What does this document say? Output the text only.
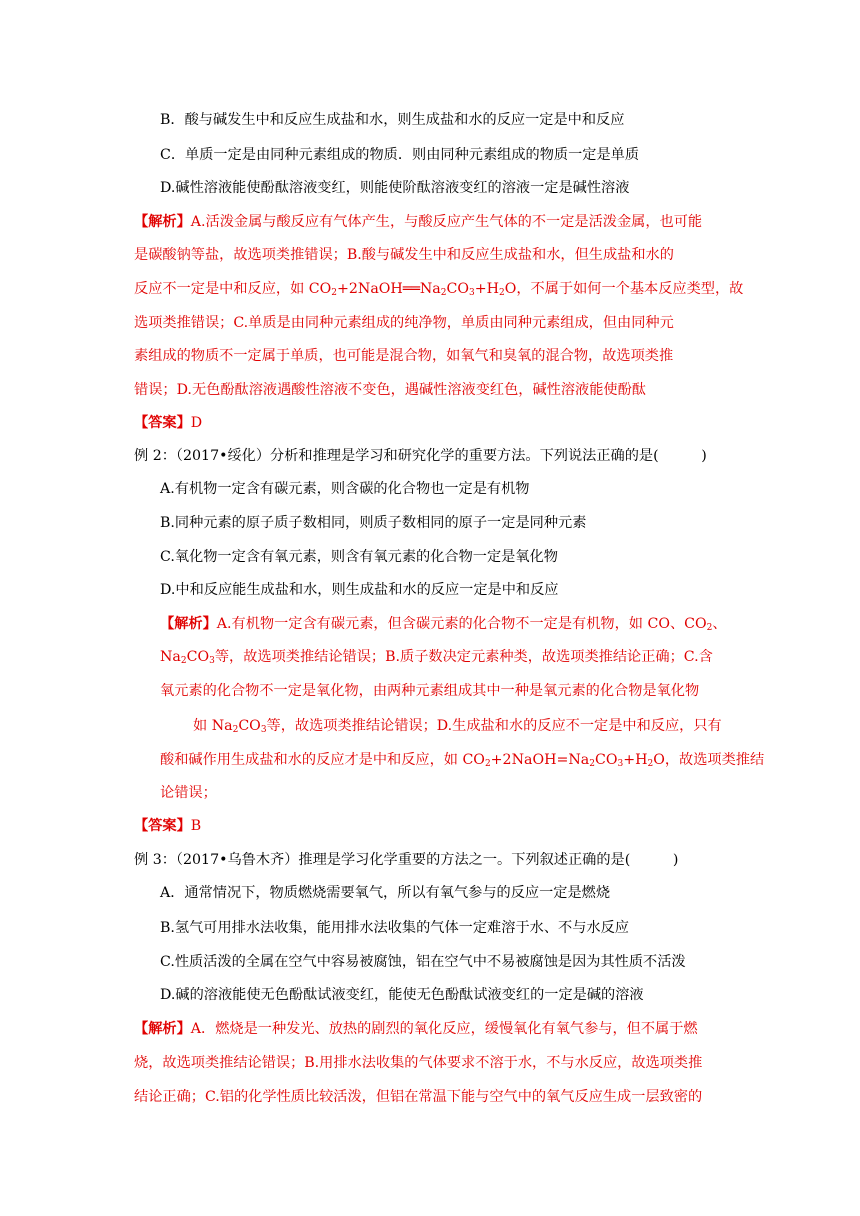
B．酸与碱发生中和反应生成盐和水，则生成盐和水的反应一定是中和反应
C．单质一定是由同种元素组成的物质．则由同种元素组成的物质一定是单质
D.碱性溶液能使酚酞溶液变红，则能使阶酞溶液变红的溶液一定是碱性溶液
【解析】A.活泼金属与酸反应有气体产生，与酸反应产生气体的不一定是活泼金属，也可能
是碳酸钠等盐，故选项类推错误；B.酸与碱发生中和反应生成盐和水，但生成盐和水的
反应不一定是中和反应，如 $CO_2+2NaOH══Na_2CO_3+H_2O$，不属于如何一个基本反应类型，故
选项类推错误；C.单质是由同种元素组成的纯净物，单质由同种元素组成，但由同种元
素组成的物质不一定属于单质，也可能是混合物，如氧气和臭氧的混合物，故选项类推
错误；D.无色酚酞溶液遇酸性溶液不变色，遇碱性溶液变红色，碱性溶液能使酚酞
【答案】D
例 2：（2017•绥化）分析和推理是学习和研究化学的重要方法。下列说法正确的是(　　　)
A.有机物一定含有碳元素，则含碳的化合物也一定是有机物
B.同种元素的原子质子数相同，则质子数相同的原子一定是同种元素
C.氧化物一定含有氧元素，则含有氧元素的化合物一定是氧化物
D.中和反应能生成盐和水，则生成盐和水的反应一定是中和反应
【解析】A.有机物一定含有碳元素，但含碳元素的化合物不一定是有机物，如 CO、$CO_2$、
$Na_2CO_3$等，故选项类推结论错误；B.质子数决定元素种类，故选项类推结论正确；C.含
氧元素的化合物不一定是氧化物，由两种元素组成其中一种是氧元素的化合物是氧化物
如 $Na_2CO_3$等，故选项类推结论错误；D.生成盐和水的反应不一定是中和反应，只有
酸和碱作用生成盐和水的反应才是中和反应，如 $CO_2+2NaOH=Na_2CO_3+H_2O$，故选项类推结
论错误；
【答案】B
例 3：（2017•乌鲁木齐）推理是学习化学重要的方法之一。下列叙述正确的是(　　　)
A．通常情况下，物质燃烧需要氧气，所以有氧气参与的反应一定是燃烧
B.氢气可用排水法收集，能用排水法收集的气体一定难溶于水、不与水反应
C.性质活泼的全属在空气中容易被腐蚀，铝在空气中不易被腐蚀是因为其性质不活泼
D.碱的溶液能使无色酚酞试液变红，能使无色酚酞试液变红的一定是碱的溶液
【解析】A．燃烧是一种发光、放热的剧烈的氧化反应，缓慢氧化有氧气参与，但不属于燃
烧，故选项类推结论错误；B.用排水法收集的气体要求不溶于水，不与水反应，故选项类推
结论正确；C.铝的化学性质比较活泼，但铝在常温下能与空气中的氧气反应生成一层致密的
